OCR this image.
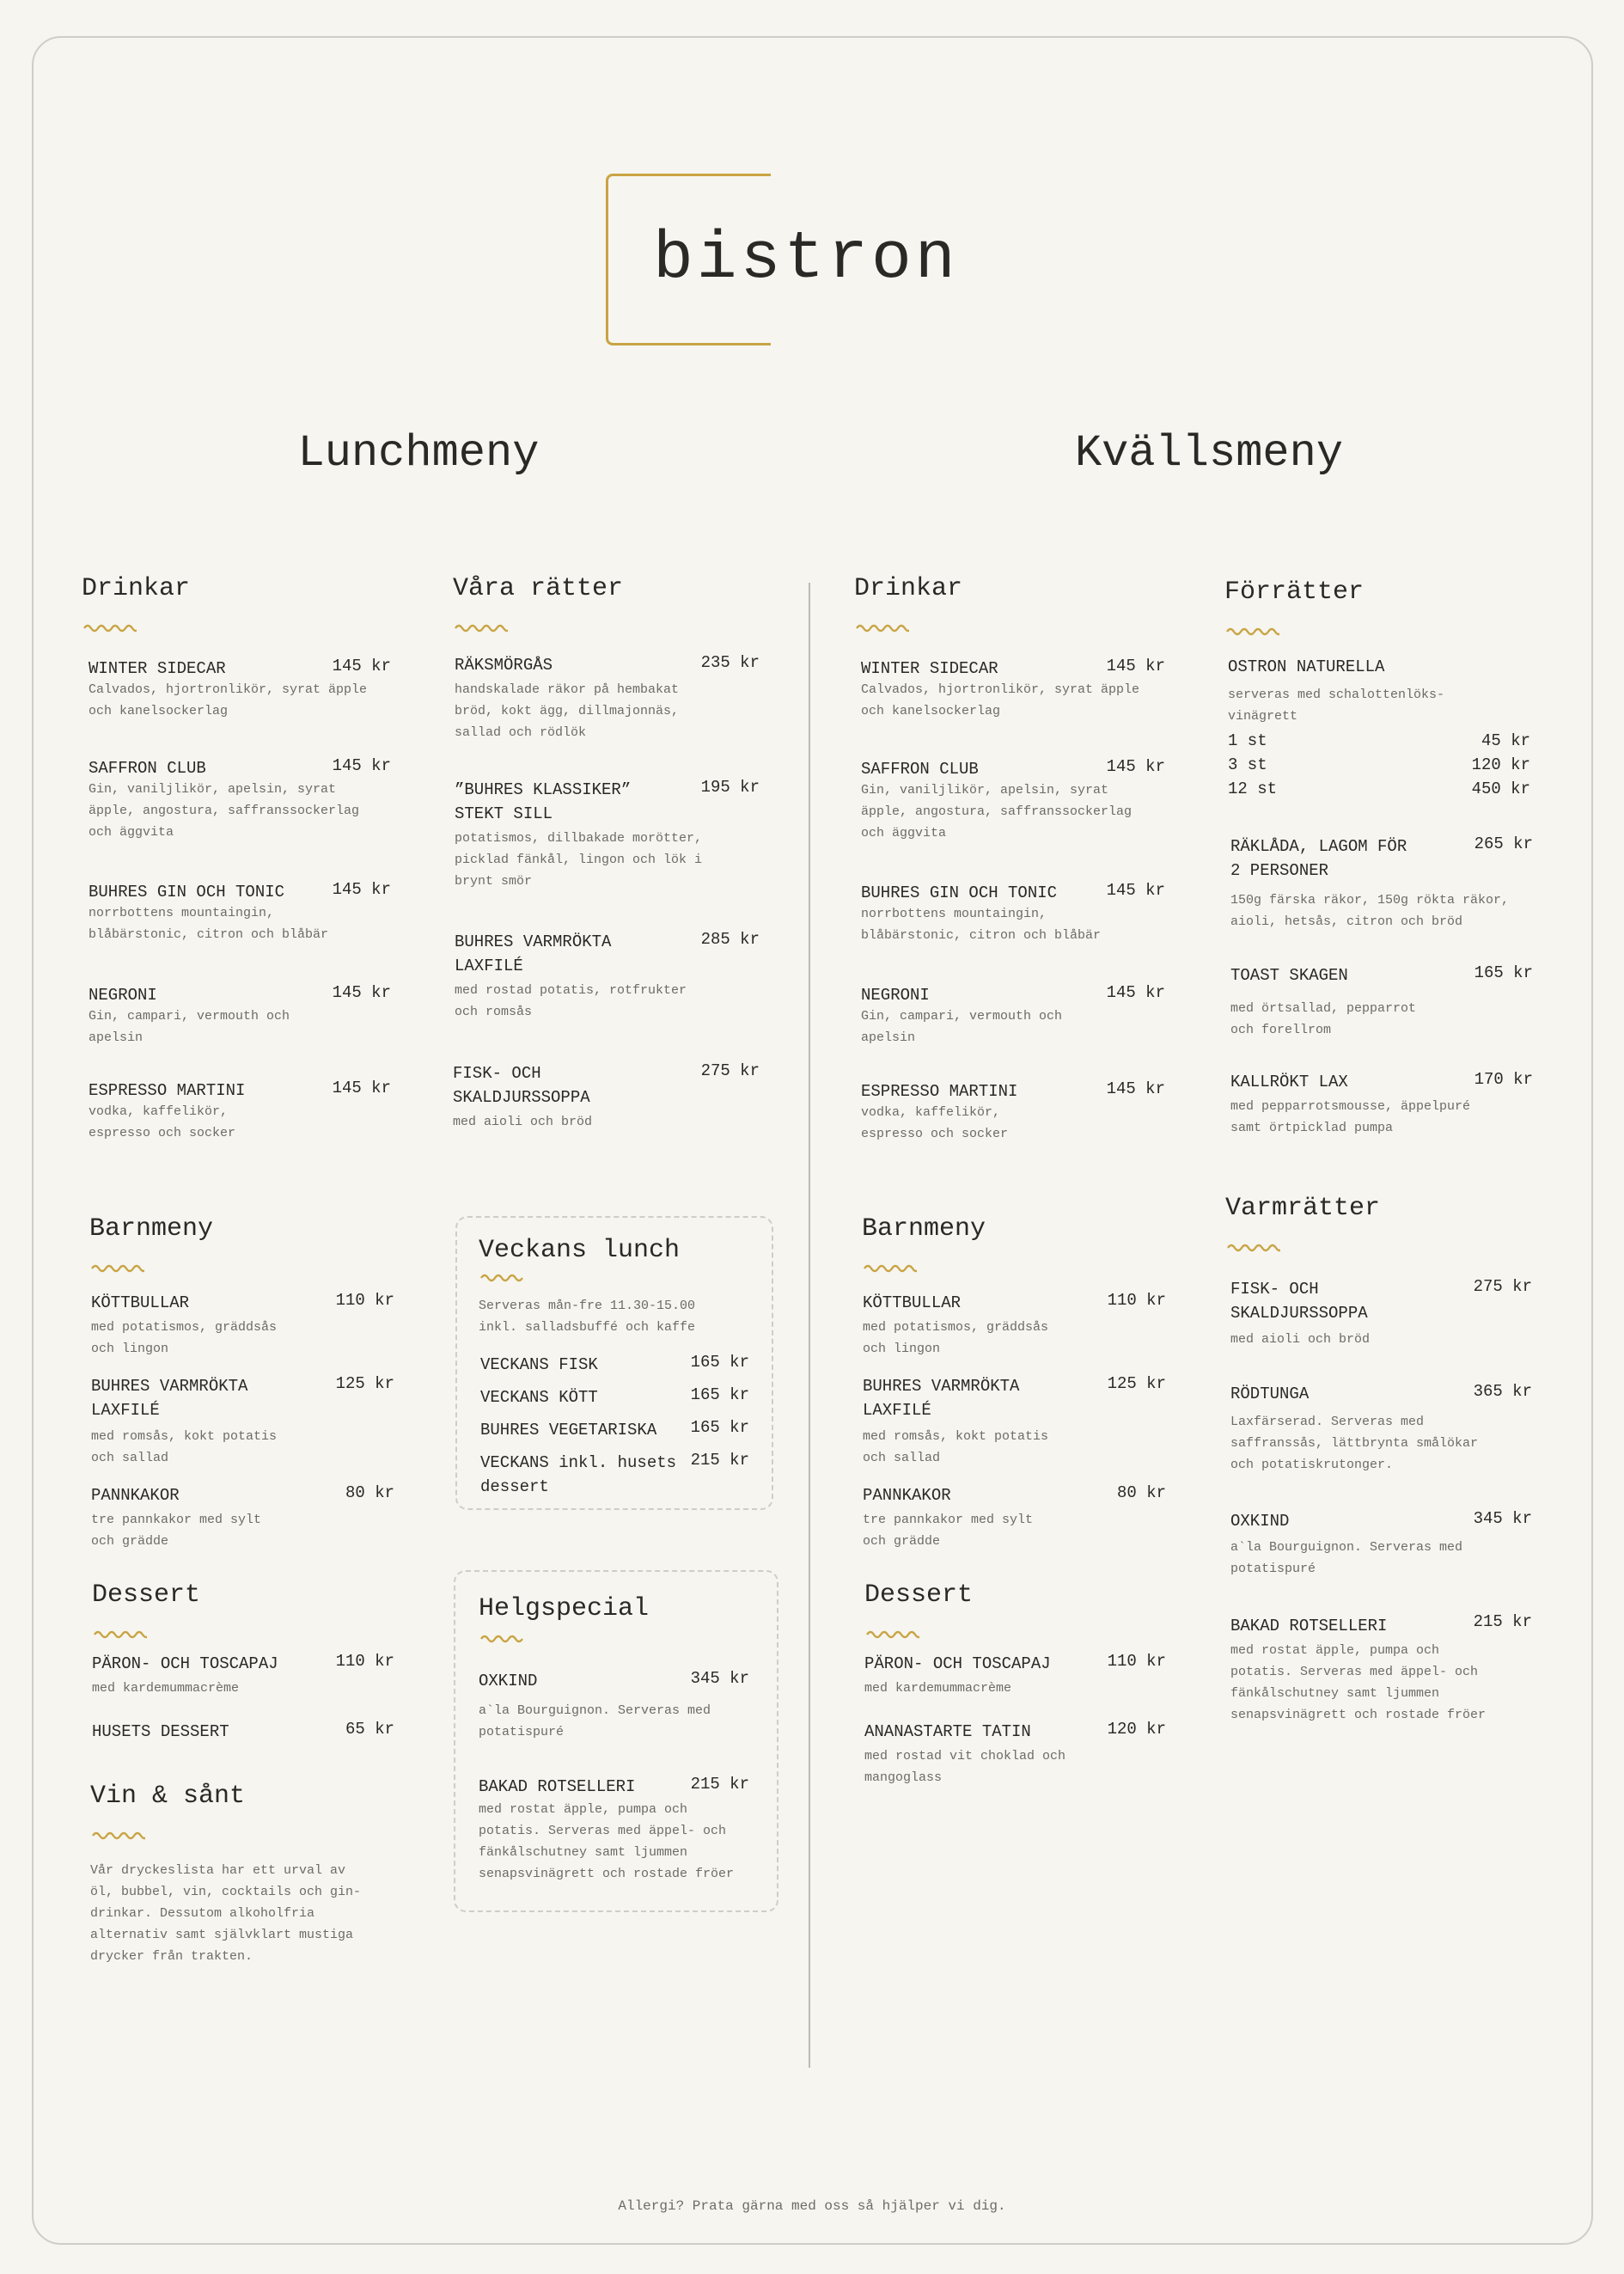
bistron
Lunchmeny	Kvällsmeny
Drinkar
WINTER SIDECAR	145 kr
Calvados, hjortronlikör, syrat äpple
och kanelsockerlag
SAFFRON CLUB	145 kr
Gin, vaniljlikör, apelsin, syrat
äpple, angostura, saffranssockerlag
och äggvita
BUHRES GIN OCH TONIC	145 kr
norrbottens mountaingin,
blåbärstonic, citron och blåbär
NEGRONI	145 kr
Gin, campari, vermouth och
apelsin
ESPRESSO MARTINI	145 kr
vodka, kaffelikör,
espresso och socker
Våra rätter
RÄKSMÖRGÅS	235 kr
handskalade räkor på hembakat
bröd, kokt ägg, dillmajonnäs,
sallad och rödlök
”BUHRES KLASSIKER”
STEKT SILL
195 kr
potatismos, dillbakade morötter,
picklad fänkål, lingon och lök i
brynt smör
BUHRES VARMRÖKTA
LAXFILÉ
285 kr
med rostad potatis, rotfrukter
och romsås
FISK- OCH
SKALDJURSSOPPA
275 kr
med aioli och bröd
Barnmeny
KÖTTBULLAR	110 kr
med potatismos, gräddsås
och lingon
BUHRES VARMRÖKTA
LAXFILÉ
125 kr
med romsås, kokt potatis
och sallad
PANNKAKOR	80 kr
tre pannkakor med sylt
och grädde
Dessert
PÄRON- OCH TOSCAPAJ	110 kr
med kardemummacrème
HUSETS DESSERT	65 kr
Vin & sånt
Vår dryckeslista har ett urval av
öl, bubbel, vin, cocktails och gin-
drinkar. Dessutom alkoholfria
alternativ samt självklart mustiga
drycker från trakten.
Veckans lunch
Serveras mån-fre 11.30-15.00
inkl. salladsbuffé och kaffe
VECKANS FISK	165 kr
VECKANS KÖTT	165 kr
BUHRES VEGETARISKA	165 kr
VECKANS inkl. husets
dessert
215 kr
Helgspecial
OXKIND	345 kr
a`la Bourguignon. Serveras med
potatispuré
BAKAD ROTSELLERI	215 kr
med rostat äpple, pumpa och
potatis. Serveras med äppel- och
fänkålschutney samt ljummen
senapsvinägrett och rostade fröer
Drinkar
WINTER SIDECAR	145 kr
Calvados, hjortronlikör, syrat äpple
och kanelsockerlag
SAFFRON CLUB	145 kr
Gin, vaniljlikör, apelsin, syrat
äpple, angostura, saffranssockerlag
och äggvita
BUHRES GIN OCH TONIC	145 kr
norrbottens mountaingin,
blåbärstonic, citron och blåbär
NEGRONI	145 kr
Gin, campari, vermouth och
apelsin
ESPRESSO MARTINI	145 kr
vodka, kaffelikör,
espresso och socker
Förrätter
OSTRON NATURELLA
serveras med schalottenlöks-
vinägrett
1 st	45 kr
3 st	120 kr
12 st	450 kr
RÄKLÅDA, LAGOM FÖR
2 PERSONER
265 kr
150g färska räkor, 150g rökta räkor,
aioli, hetsås, citron och bröd
TOAST SKAGEN	165 kr
med örtsallad, pepparrot
och forellrom
KALLRÖKT LAX	170 kr
med pepparrotsmousse, äppelpuré
samt örtpicklad pumpa
Barnmeny
KÖTTBULLAR	110 kr
med potatismos, gräddsås
och lingon
BUHRES VARMRÖKTA
LAXFILÉ
125 kr
med romsås, kokt potatis
och sallad
PANNKAKOR	80 kr
tre pannkakor med sylt
och grädde
Dessert
PÄRON- OCH TOSCAPAJ	110 kr
med kardemummacrème
ANANASTARTE TATIN	120 kr
med rostad vit choklad och
mangoglass
Varmrätter
FISK- OCH
SKALDJURSSOPPA
275 kr
med aioli och bröd
RÖDTUNGA	365 kr
Laxfärserad. Serveras med
saffranssås, lättbrynta smålökar
och potatiskrutonger.
OXKIND	345 kr
a`la Bourguignon. Serveras med
potatispuré
BAKAD ROTSELLERI	215 kr
med rostat äpple, pumpa och
potatis. Serveras med äppel- och
fänkålschutney samt ljummen
senapsvinägrett och rostade fröer
Allergi? Prata gärna med oss så hjälper vi dig.
